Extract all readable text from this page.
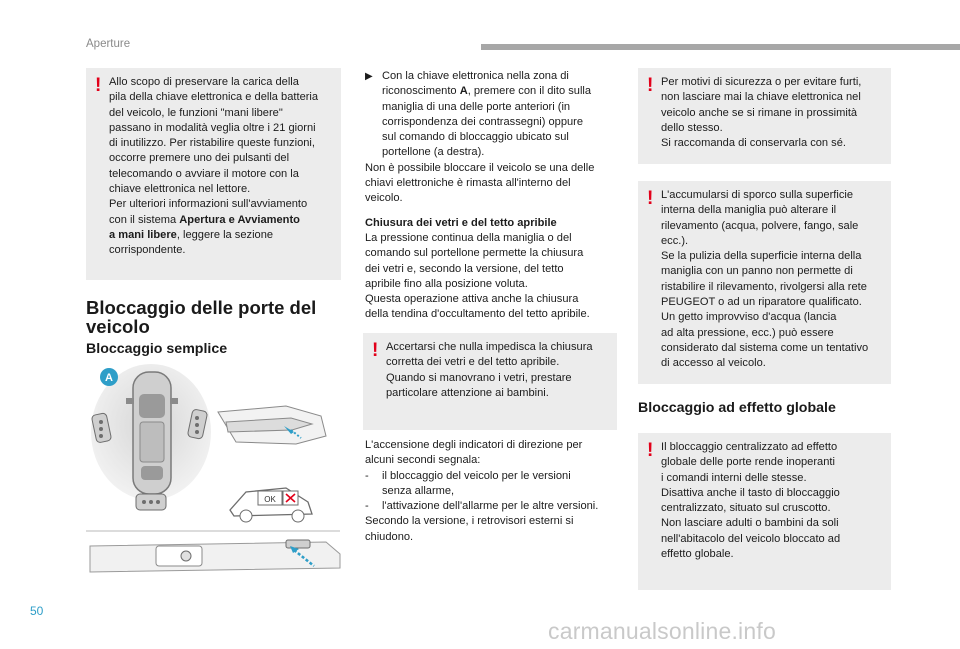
Aperture
! Allo scopo di preservare la carica della

pila della chiave elettronica e della batteria

del veicolo, le funzioni "mani libere"

passano in modalità veglia oltre i 21 giorni

di inutilizzo. Per ristabilire queste funzioni,

occorre premere uno dei pulsanti del

telecomando o avviare il motore con la

chiave elettronica nel lettore.

Per ulteriori informazioni sull'avviamento

con il sistema Apertura e Avviamento

a mani libere, leggere la sezione

corrispondente.

Bloccaggio delle porte del
veicolo
Bloccaggio semplice
A
OK
▶ Con la chiave elettronica nella zona di

riconoscimento A, premere con il dito sulla

maniglia di una delle porte anteriori (in

corrispondenza dei contrassegni) oppure

sul comando di bloccaggio ubicato sul

portellone (a destra).

Non è possibile bloccare il veicolo se una delle

chiavi elettroniche è rimasta all'interno del

veicolo.

Chiusura dei vetri e del tetto apribile

La pressione continua della maniglia o del

comando sul portellone permette la chiusura

dei vetri e, secondo la versione, del tetto

apribile fino alla posizione voluta.

Questa operazione attiva anche la chiusura

della tendina d'occultamento del tetto apribile.

! Accertarsi che nulla impedisca la chiusura

corretta dei vetri e del tetto apribile.

Quando si manovrano i vetri, prestare

particolare attenzione ai bambini.

L'accensione degli indicatori di direzione per

alcuni secondi segnala:

- il bloccaggio del veicolo per le versioni

senza allarme,

- l'attivazione dell'allarme per le altre versioni.

Secondo la versione, i retrovisori esterni si

chiudono.

! Per motivi di sicurezza o per evitare furti,

non lasciare mai la chiave elettronica nel

veicolo anche se si rimane in prossimità

dello stesso.

Si raccomanda di conservarla con sé.

! L'accumularsi di sporco sulla superficie

interna della maniglia può alterare il

rilevamento (acqua, polvere, fango, sale

ecc.).

Se la pulizia della superficie interna della

maniglia con un panno non permette di

ristabilire il rilevamento, rivolgersi alla rete

PEUGEOT o ad un riparatore qualificato.

Un getto improvviso d'acqua (lancia

ad alta pressione, ecc.) può essere

considerato dal sistema come un tentativo

di accesso al veicolo.

Bloccaggio ad effetto globale
! Il bloccaggio centralizzato ad effetto

globale delle porte rende inoperanti

i comandi interni delle stesse.

Disattiva anche il tasto di bloccaggio

centralizzato, situato sul cruscotto.

Non lasciare adulti o bambini da soli

nell'abitacolo del veicolo bloccato ad

effetto globale.

50
carmanualsonline.info
